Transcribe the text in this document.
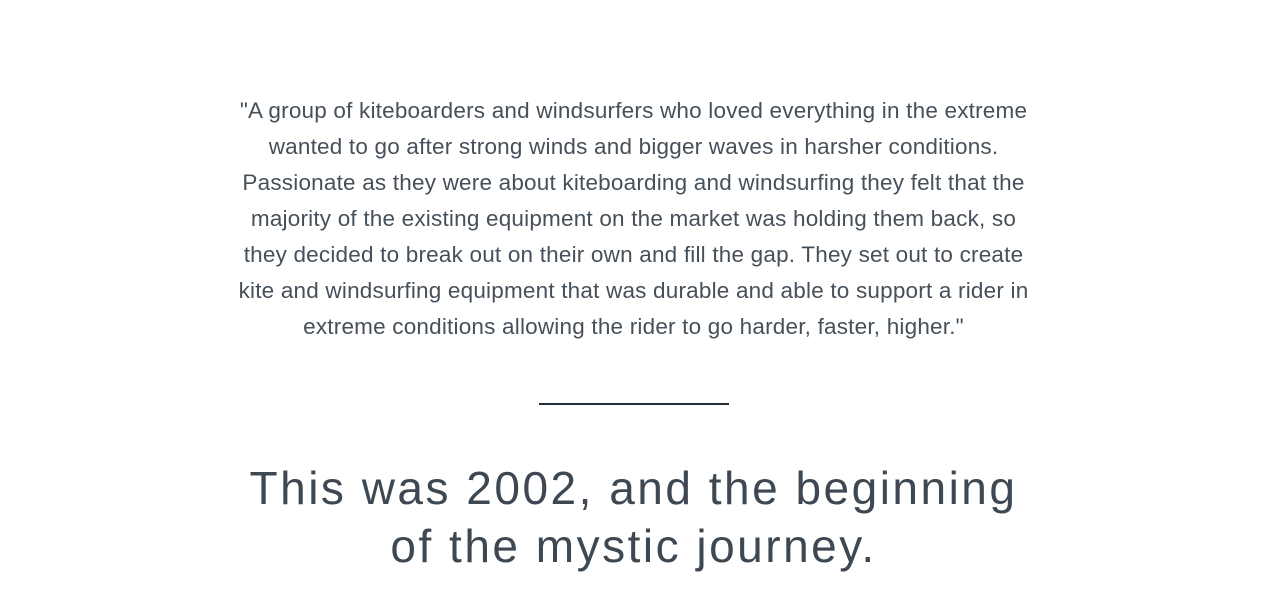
"A group of kiteboarders and windsurfers who loved everything in the extreme
wanted to go after strong winds and bigger waves in harsher conditions.
Passionate as they were about kiteboarding and windsurfing they felt that the
majority of the existing equipment on the market was holding them back, so
they decided to break out on their own and fill the gap. They set out to create
kite and windsurfing equipment that was durable and able to support a rider in
extreme conditions allowing the rider to go harder, faster, higher."
This was 2002, and the beginning
of the mystic journey.
